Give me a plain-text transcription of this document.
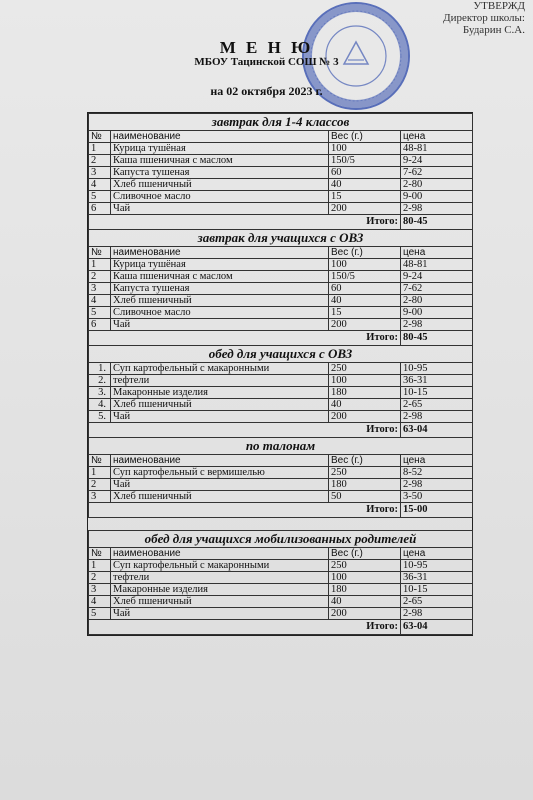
УТВЕРЖД
Директор школы:
Бударин С.А.
М Е Н Ю
МБОУ Тацинской СОШ № 3
на 02 октября 2023 г.
завтрак для 1-4 классов			
№	наименование	Вес (г.)	цена
1	Курица тушёная	100	48-81
2	Каша пшеничная с маслом	150/5	9-24
3	Капуста тушеная	60	7-62
4	Хлеб пшеничный	40	2-80
5	Сливочное масло	15	9-00
6	Чай	200	2-98
Итого:			80-45
завтрак для учащихся с ОВЗ			
№	наименование	Вес (г.)	цена
1	Курица тушёная	100	48-81
2	Каша пшеничная с маслом	150/5	9-24
3	Капуста тушеная	60	7-62
4	Хлеб пшеничный	40	2-80
5	Сливочное масло	15	9-00
6	Чай	200	2-98
Итого:			80-45
обед для учащихся с ОВЗ			
1.	Суп картофельный с макаронными	250	10-95
2.	тефтели	100	36-31
3.	Макаронные изделия	180	10-15
4.	Хлеб пшеничный	40	2-65
5.	Чай	200	2-98
Итого:			63-04
по талонам			
№	наименование	Вес (г.)	цена
1	Суп картофельный с вермишелью	250	8-52
2	Чай	180	2-98
3	Хлеб пшеничный	50	3-50
Итого:			15-00

обед для учащихся мобилизованных родителей			
№	наименование	Вес (г.)	цена
1	Суп картофельный с макаронными	250	10-95
2	тефтели	100	36-31
3	Макаронные изделия	180	10-15
4	Хлеб пшеничный	40	2-65
5	Чай	200	2-98
Итого:			63-04
